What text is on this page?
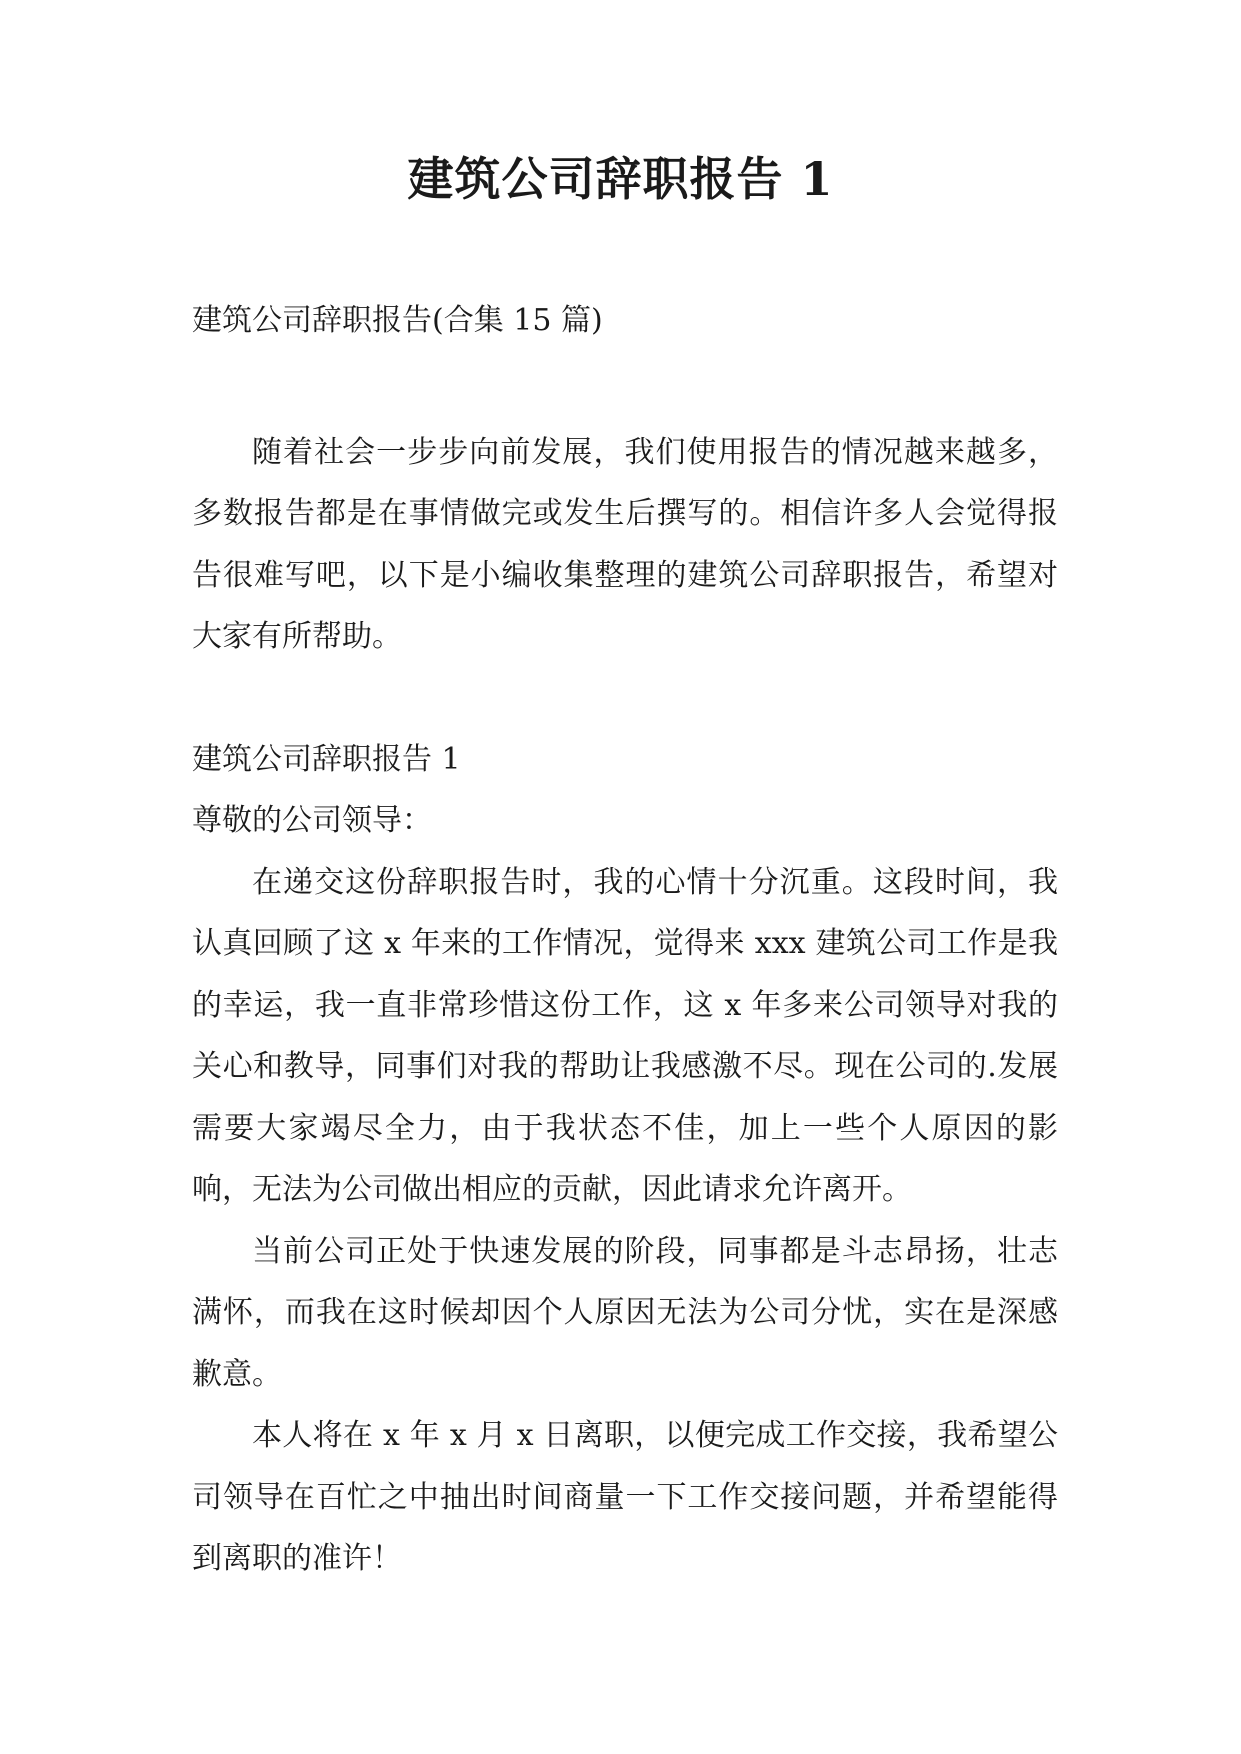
建筑公司辞职报告 1

建筑公司辞职报告(合集 15 篇)

随着社会一步步向前发展，我们使用报告的情况越来越多，多数报告都是在事情做完或发生后撰写的。相信许多人会觉得报告很难写吧，以下是小编收集整理的建筑公司辞职报告，希望对大家有所帮助。

建筑公司辞职报告 1

尊敬的公司领导：

在递交这份辞职报告时，我的心情十分沉重。这段时间，我认真回顾了这 x 年来的工作情况，觉得来 xxx 建筑公司工作是我的幸运，我一直非常珍惜这份工作，这 x 年多来公司领导对我的关心和教导，同事们对我的帮助让我感激不尽。现在公司的.发展需要大家竭尽全力，由于我状态不佳，加上一些个人原因的影响，无法为公司做出相应的贡献，因此请求允许离开。

当前公司正处于快速发展的阶段，同事都是斗志昂扬，壮志满怀，而我在这时候却因个人原因无法为公司分忧，实在是深感歉意。

本人将在 x 年 x 月 x 日离职，以便完成工作交接，我希望公司领导在百忙之中抽出时间商量一下工作交接问题，并希望能得到离职的准许！
